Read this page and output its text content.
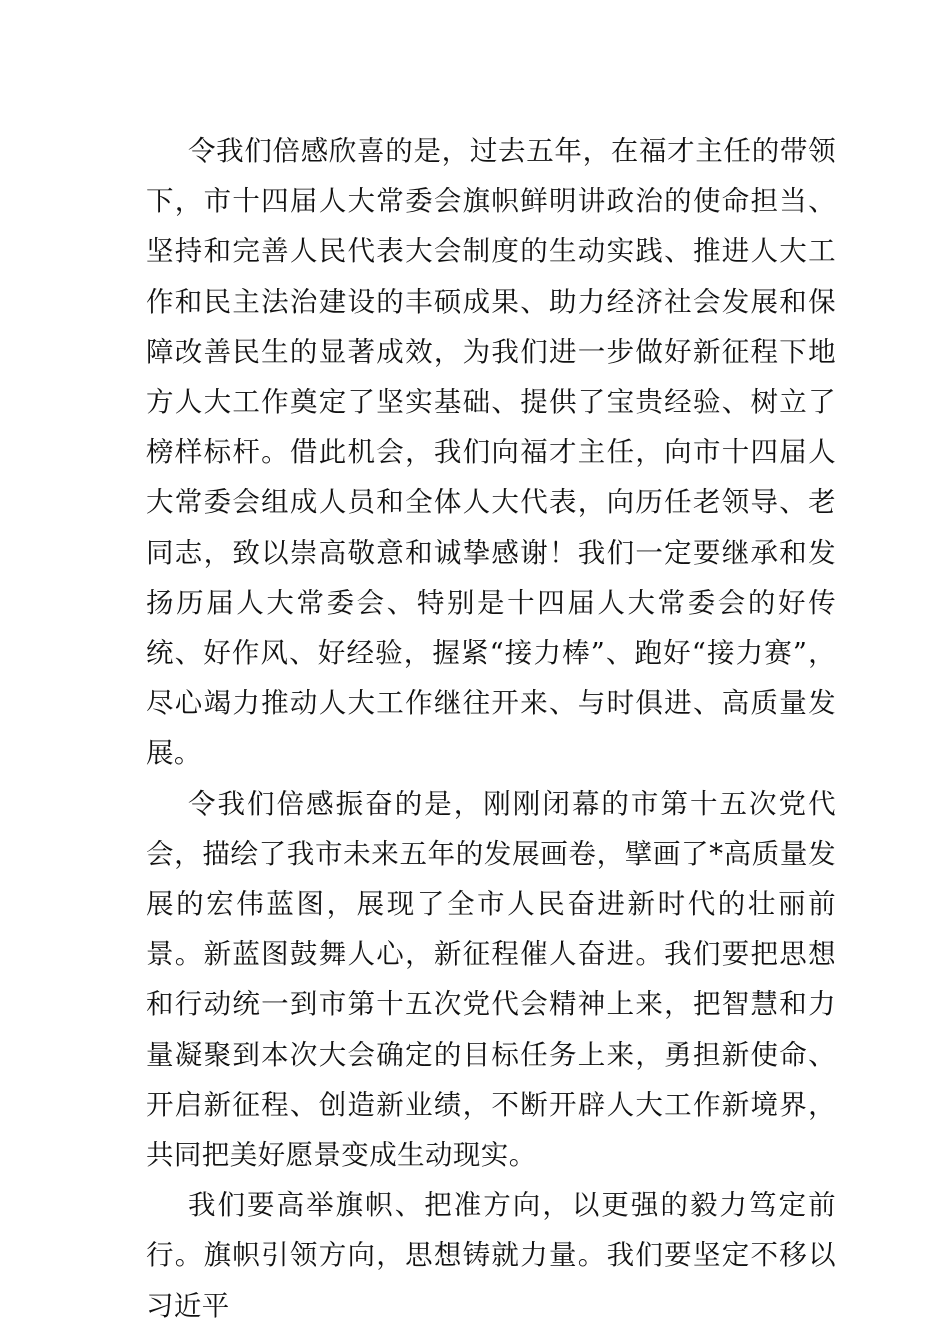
令我们倍感欣喜的是，过去五年，在福才主任的带领下，市十四届人大常委会旗帜鲜明讲政治的使命担当、坚持和完善人民代表大会制度的生动实践、推进人大工作和民主法治建设的丰硕成果、助力经济社会发展和保障改善民生的显著成效，为我们进一步做好新征程下地方人大工作奠定了坚实基础、提供了宝贵经验、树立了榜样标杆。借此机会，我们向福才主任，向市十四届人大常委会组成人员和全体人大代表，向历任老领导、老同志，致以崇高敬意和诚挚感谢！我们一定要继承和发扬历届人大常委会、特别是十四届人大常委会的好传统、好作风、好经验，握紧“接力棒”、跑好“接力赛”，尽心竭力推动人大工作继往开来、与时俱进、高质量发展。

令我们倍感振奋的是，刚刚闭幕的市第十五次党代会，描绘了我市未来五年的发展画卷，擘画了*高质量发展的宏伟蓝图，展现了全市人民奋进新时代的壮丽前景。新蓝图鼓舞人心，新征程催人奋进。我们要把思想和行动统一到市第十五次党代会精神上来，把智慧和力量凝聚到本次大会确定的目标任务上来，勇担新使命、开启新征程、创造新业绩，不断开辟人大工作新境界，共同把美好愿景变成生动现实。

我们要高举旗帜、把准方向，以更强的毅力笃定前行。旗帜引领方向，思想铸就力量。我们要坚定不移以习近平
